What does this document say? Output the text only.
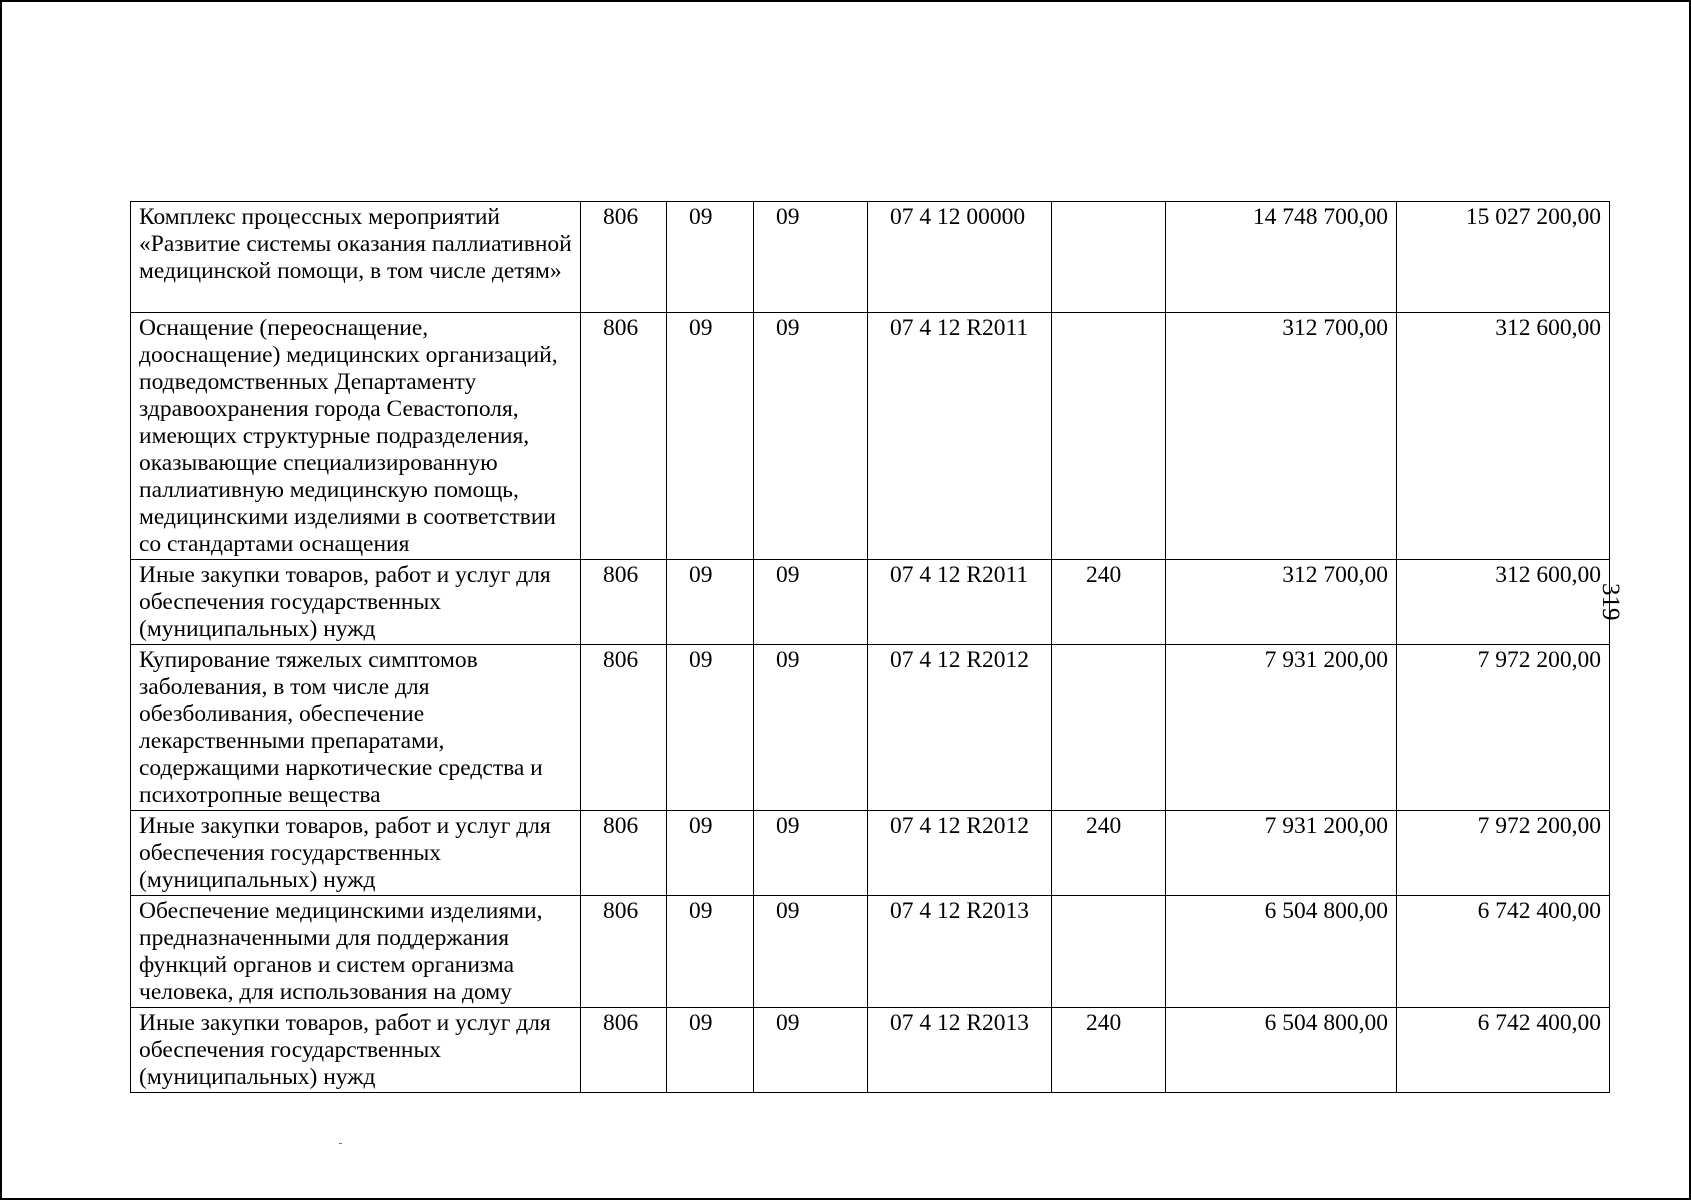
Комплекс процессных мероприятий «Развитие системы оказания паллиативной медицинской помощи, в том числе детям»	806	09	09	07 4 12 00000		14 748 700,00	15 027 200,00
Оснащение (переоснащение, дооснащение) медицинских организаций, подведомственных Департаменту здравоохранения города Севастополя, имеющих структурные подразделения, оказывающие специализированную паллиативную медицинскую помощь, медицинскими изделиями в соответствии со стандартами оснащения	806	09	09	07 4 12 R2011		312 700,00	312 600,00
Иные закупки товаров, работ и услуг для обеспечения государственных (муниципальных) нужд	806	09	09	07 4 12 R2011	240	312 700,00	312 600,00
Купирование тяжелых симптомов заболевания, в том числе для обезболивания, обеспечение лекарственными препаратами, содержащими наркотические средства и психотропные вещества	806	09	09	07 4 12 R2012		7 931 200,00	7 972 200,00
Иные закупки товаров, работ и услуг для обеспечения государственных (муниципальных) нужд	806	09	09	07 4 12 R2012	240	7 931 200,00	7 972 200,00
Обеспечение медицинскими изделиями, предназначенными для поддержания функций органов и систем организма человека, для использования на дому	806	09	09	07 4 12 R2013		6 504 800,00	6 742 400,00
Иные закупки товаров, работ и услуг для обеспечения государственных (муниципальных) нужд	806	09	09	07 4 12 R2013	240	6 504 800,00	6 742 400,00
319
